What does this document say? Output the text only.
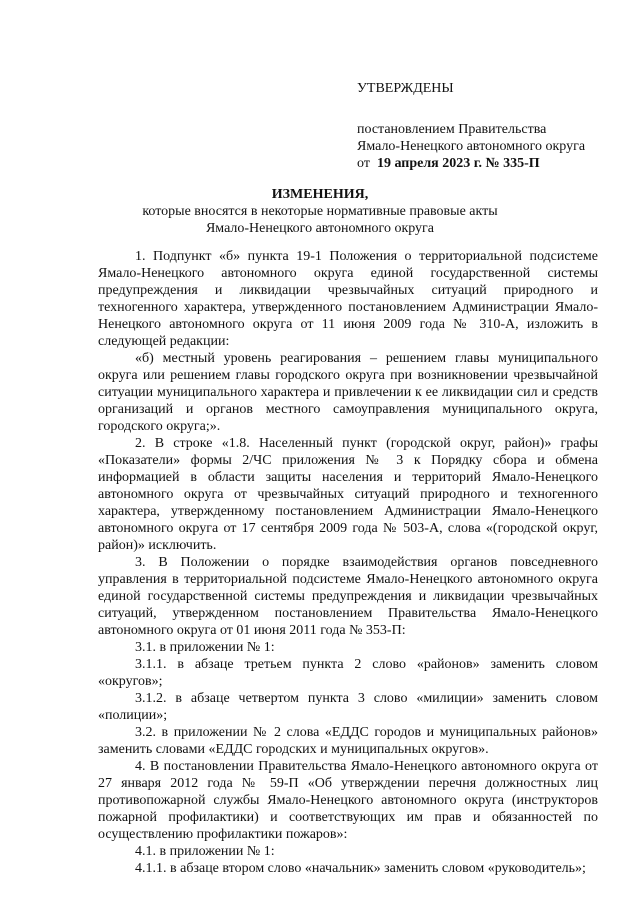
УТВЕРЖДЕНЫ
постановлением Правительства
Ямало-Ненецкого автономного округа
от 19 апреля 2023 г. № 335-П
ИЗМЕНЕНИЯ,
которые вносятся в некоторые нормативные правовые акты
Ямало-Ненецкого автономного округа

1. Подпункт «б» пункта 19-1 Положения о территориальной подсистеме Ямало-Ненецкого автономного округа единой государственной системы предупреждения и ликвидации чрезвычайных ситуаций природного и техногенного характера, утвержденного постановлением Администрации Ямало-Ненецкого автономного округа от 11 июня 2009 года № 310-А, изложить в следующей редакции:

«б) местный уровень реагирования – решением главы муниципального округа или решением главы городского округа при возникновении чрезвычайной ситуации муниципального характера и привлечении к ее ликвидации сил и средств организаций и органов местного самоуправления муниципального округа, городского округа;».

2. В строке «1.8. Населенный пункт (городской округ, район)» графы «Показатели» формы 2/ЧС приложения № 3 к Порядку сбора и обмена информацией в области защиты населения и территорий Ямало-Ненецкого автономного округа от чрезвычайных ситуаций природного и техногенного характера, утвержденному постановлением Администрации Ямало-Ненецкого автономного округа от 17 сентября 2009 года № 503-А, слова «(городской округ, район)» исключить.

3. В Положении о порядке взаимодействия органов повседневного управления в территориальной подсистеме Ямало-Ненецкого автономного округа единой государственной системы предупреждения и ликвидации чрезвычайных ситуаций, утвержденном постановлением Правительства Ямало-Ненецкого автономного округа от 01 июня 2011 года № 353-П:

3.1. в приложении № 1:

3.1.1. в абзаце третьем пункта 2 слово «районов» заменить словом «округов»;

3.1.2. в абзаце четвертом пункта 3 слово «милиции» заменить словом «полиции»;

3.2. в приложении № 2 слова «ЕДДС городов и муниципальных районов» заменить словами «ЕДДС городских и муниципальных округов».

4. В постановлении Правительства Ямало-Ненецкого автономного округа от 27 января 2012 года № 59-П «Об утверждении перечня должностных лиц противопожарной службы Ямало-Ненецкого автономного округа (инструкторов пожарной профилактики) и соответствующих им прав и обязанностей по осуществлению профилактики пожаров»:

4.1. в приложении № 1:

4.1.1. в абзаце втором слово «начальник» заменить словом «руководитель»;
